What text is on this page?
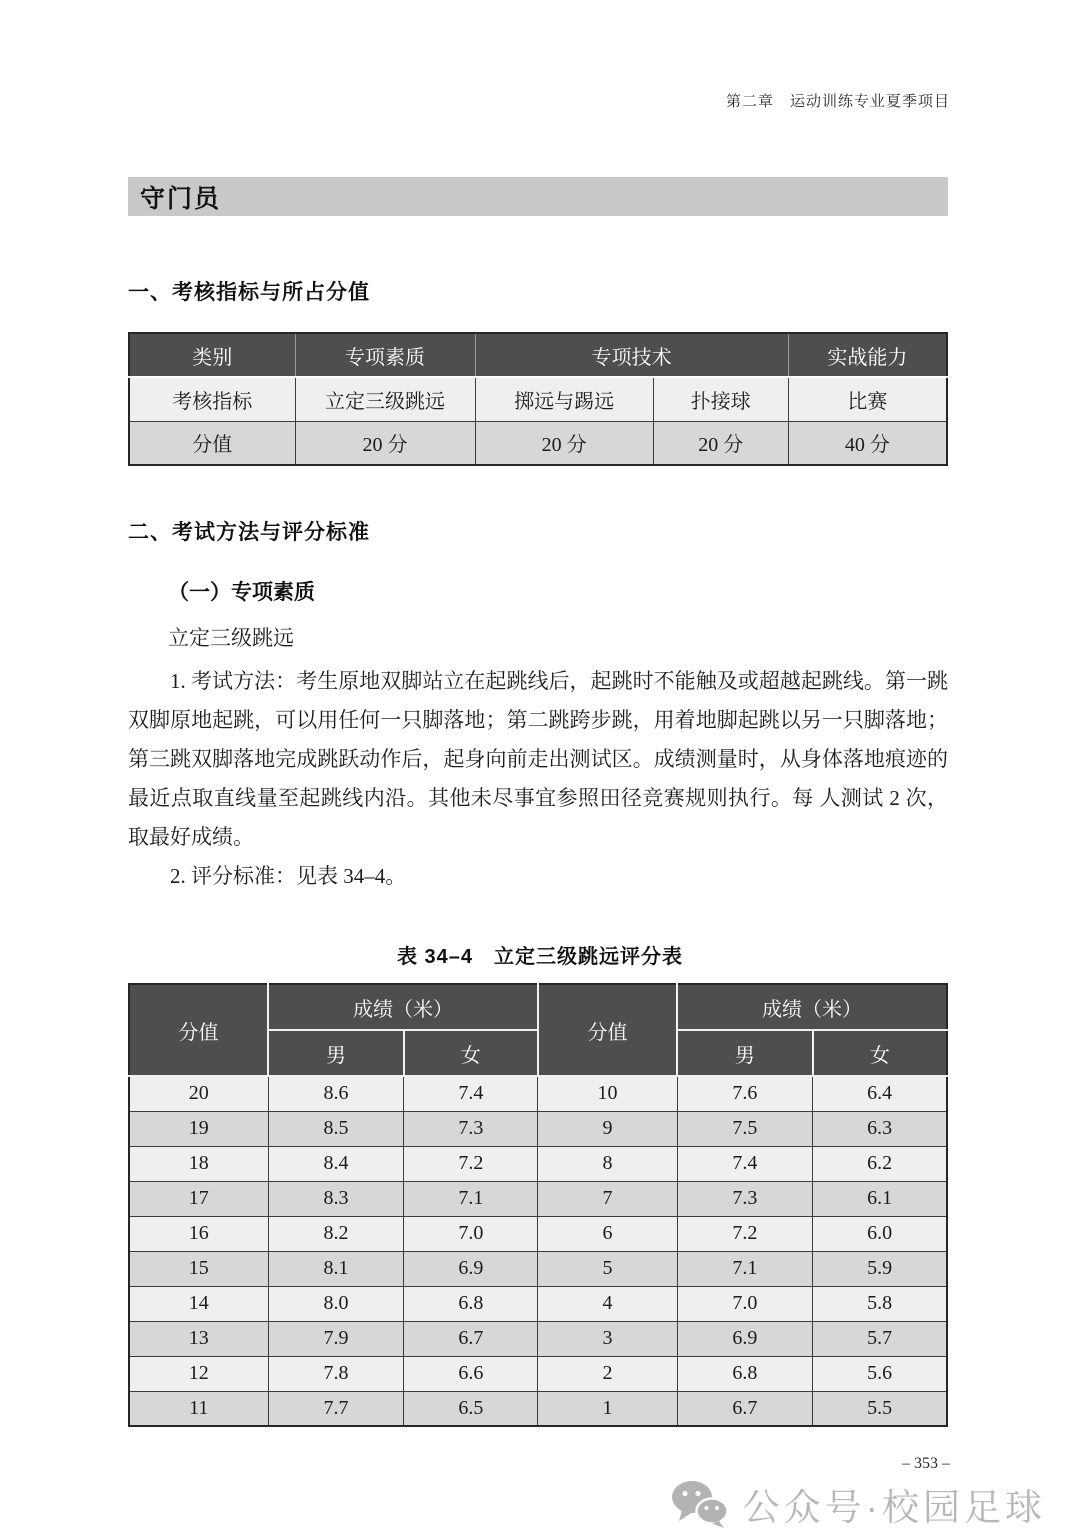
第二章　运动训练专业夏季项目
守门员
一、考核指标与所占分值
类别	专项素质	专项技术		实战能力
考核指标	立定三级跳远	掷远与踢远	扑接球	比赛
分值	20 分	20 分	20 分	40 分
二、考试方法与评分标准
（一）专项素质
立定三级跳远

1. 考试方法：考生原地双脚站立在起跳线后，起跳时不能触及或超越起跳线。第一跳双脚原地起跳，可以用任何一只脚落地；第二跳跨步跳，用着地脚起跳以另一只脚落地；第三跳双脚落地完成跳跃动作后，起身向前走出测试区。成绩测量时，从身体落地痕迹的最近点取直线量至起跳线内沿。其他未尽事宜参照田径竞赛规则执行。每 人测试 2 次，取最好成绩。

2. 评分标准：见表 34–4。

表 34–4　立定三级跳远评分表
分值	成绩（米）		分值	成绩（米）	
	男	女		男	女
20	8.6	7.4	10	7.6	6.4
19	8.5	7.3	9	7.5	6.3
18	8.4	7.2	8	7.4	6.2
17	8.3	7.1	7	7.3	6.1
16	8.2	7.0	6	7.2	6.0
15	8.1	6.9	5	7.1	5.9
14	8.0	6.8	4	7.0	5.8
13	7.9	6.7	3	6.9	5.7
12	7.8	6.6	2	6.8	5.6
11	7.7	6.5	1	6.7	5.5
– 353 –
公众号·校园足球
